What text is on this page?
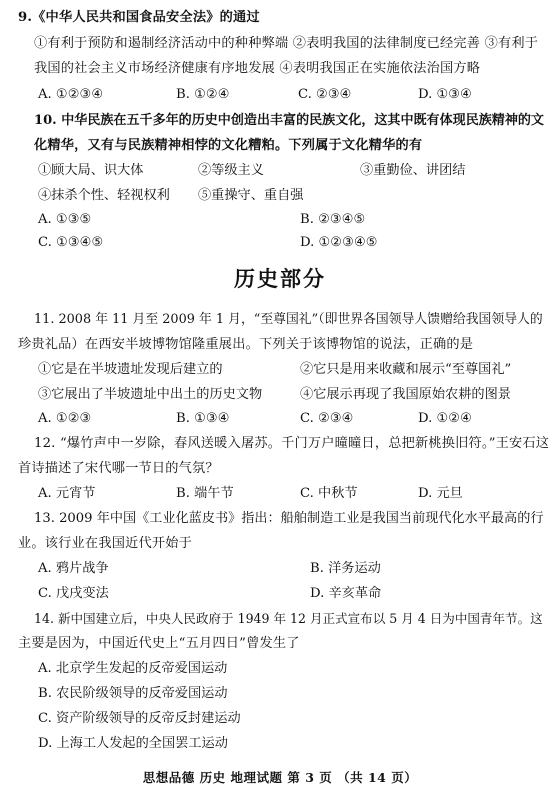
9.《中华人民共和国食品安全法》的通过
①有利于预防和遏制经济活动中的种种弊端 ②表明我国的法律制度已经完善 ③有利于
我国的社会主义市场经济健康有序地发展 ④表明我国正在实施依法治国方略
A. ①②③④	B. ①②④	C. ②③④	D. ①③④
10. 中华民族在五千多年的历史中创造出丰富的民族文化，这其中既有体现民族精神的文
化精华，又有与民族精神相悖的文化糟粕。下列属于文化精华的有
①顾大局、识大体	②等级主义	③重勤俭、讲团结
④抹杀个性、轻视权利 ⑤重操守、重自强
A. ①③⑤	B. ②③④⑤
C. ①③④⑤	D. ①②③④⑤
历史部分
11. 2008 年 11 月至 2009 年 1 月，“至尊国礼”（即世界各国领导人馈赠给我国领导人的
珍贵礼品）在西安半坡博物馆隆重展出。下列关于该博物馆的说法，正确的是
①它是在半坡遗址发现后建立的	②它只是用来收藏和展示“至尊国礼”
③它展出了半坡遗址中出土的历史文物	④它展示再现了我国原始农耕的图景
A. ①②③	B. ①③④	C. ②③④	D. ①②④
12. “爆竹声中一岁除，春风送暖入屠苏。千门万户曈曈日，总把新桃换旧符。”王安石这
首诗描述了宋代哪一节日的气氛？
A. 元宵节	B. 端午节	C. 中秋节	D. 元旦
13. 2009 年中国《工业化蓝皮书》指出：船舶制造工业是我国当前现代化水平最高的行
业。该行业在我国近代开始于
A. 鸦片战争	B. 洋务运动
C. 戊戌变法	D. 辛亥革命
14. 新中国建立后，中央人民政府于 1949 年 12 月正式宣布以 5 月 4 日为中国青年节。这
主要是因为，中国近代史上“五月四日”曾发生了
A. 北京学生发起的反帝爱国运动
B. 农民阶级领导的反帝爱国运动
C. 资产阶级领导的反帝反封建运动
D. 上海工人发起的全国罢工运动
思想品德 历史 地理试题 第 3 页 （共 14 页）
